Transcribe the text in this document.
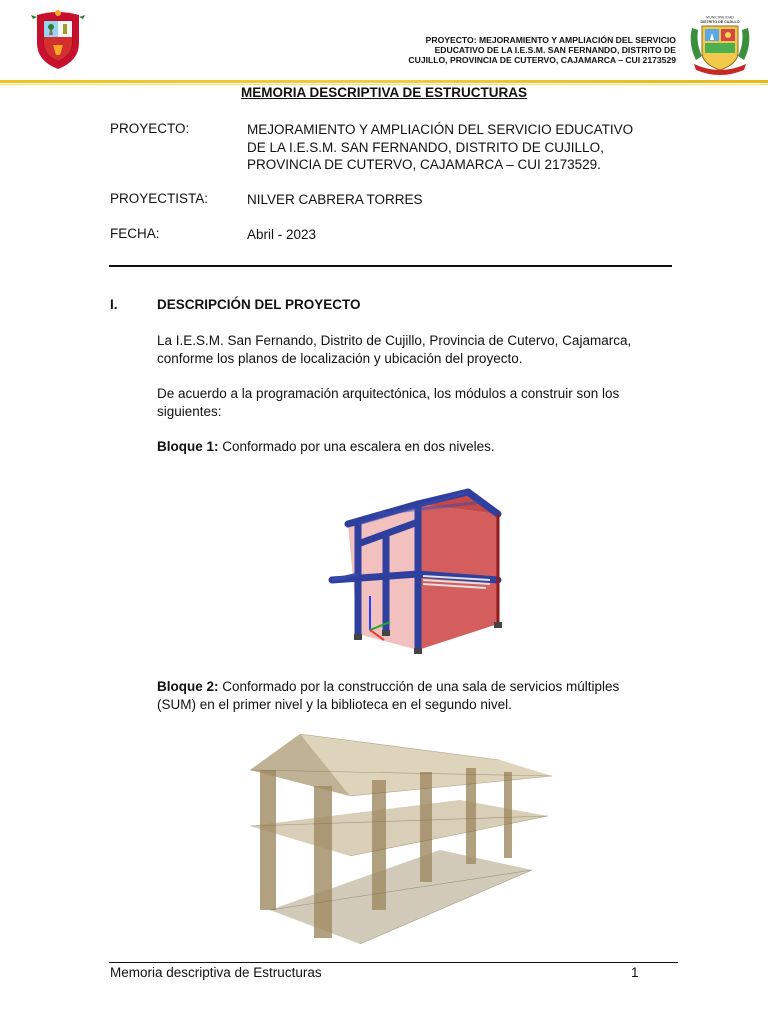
PROYECTO: MEJORAMIENTO Y AMPLIACIÓN DEL SERVICIO
EDUCATIVO DE LA I.E.S.M. SAN FERNANDO, DISTRITO DE
CUJILLO, PROVINCIA DE CUTERVO, CAJAMARCA – CUI 2173529
MUNICIPALIDAD
DISTRITO DE CUJILLO
MEMORIA DESCRIPTIVA DE ESTRUCTURAS
PROYECTO:	MEJORAMIENTO Y AMPLIACIÓN DEL SERVICIO EDUCATIVO
DE LA I.E.S.M. SAN FERNANDO, DISTRITO DE CUJILLO,
PROVINCIA DE CUTERVO, CAJAMARCA – CUI 2173529.
PROYECTISTA:	NILVER CABRERA TORRES
FECHA:	Abril - 2023
I.	DESCRIPCIÓN DEL PROYECTO
La I.E.S.M. San Fernando, Distrito de Cujillo, Provincia de Cutervo, Cajamarca,
conforme los planos de localización y ubicación del proyecto.
De acuerdo a la programación arquitectónica, los módulos a construir son los
siguientes:
Bloque 1: Conformado por una escalera en dos niveles.
Bloque 2: Conformado por la construcción de una sala de servicios múltiples
(SUM) en el primer nivel y la biblioteca en el segundo nivel.
Memoria descriptiva de Estructuras	1
